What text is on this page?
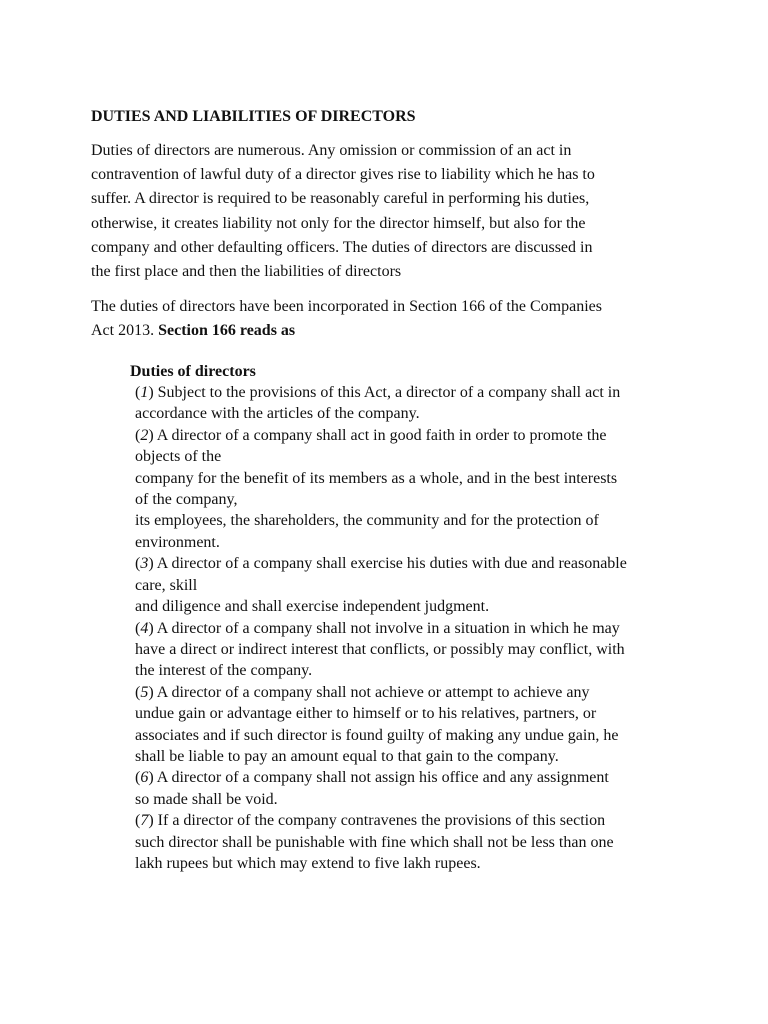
DUTIES AND LIABILITIES OF DIRECTORS
Duties of directors are numerous. Any omission or commission of an act in
contravention of lawful duty of a director gives rise to liability which he has to
suffer. A director is required to be reasonably careful in performing his duties,
otherwise, it creates liability not only for the director himself, but also for the
company and other defaulting officers. The duties of directors are discussed in
the first place and then the liabilities of directors
The duties of directors have been incorporated in Section 166 of the Companies
Act 2013. Section 166 reads as
Duties of directors
(1) Subject to the provisions of this Act, a director of a company shall act in
accordance with the articles of the company.
(2) A director of a company shall act in good faith in order to promote the
objects of the
company for the benefit of its members as a whole, and in the best interests
of the company,
its employees, the shareholders, the community and for the protection of
environment.
(3) A director of a company shall exercise his duties with due and reasonable
care, skill
and diligence and shall exercise independent judgment.
(4) A director of a company shall not involve in a situation in which he may
have a direct or indirect interest that conflicts, or possibly may conflict, with
the interest of the company.
(5) A director of a company shall not achieve or attempt to achieve any
undue gain or advantage either to himself or to his relatives, partners, or
associates and if such director is found guilty of making any undue gain, he
shall be liable to pay an amount equal to that gain to the company.
(6) A director of a company shall not assign his office and any assignment
so made shall be void.
(7) If a director of the company contravenes the provisions of this section
such director shall be punishable with fine which shall not be less than one
lakh rupees but which may extend to five lakh rupees.
